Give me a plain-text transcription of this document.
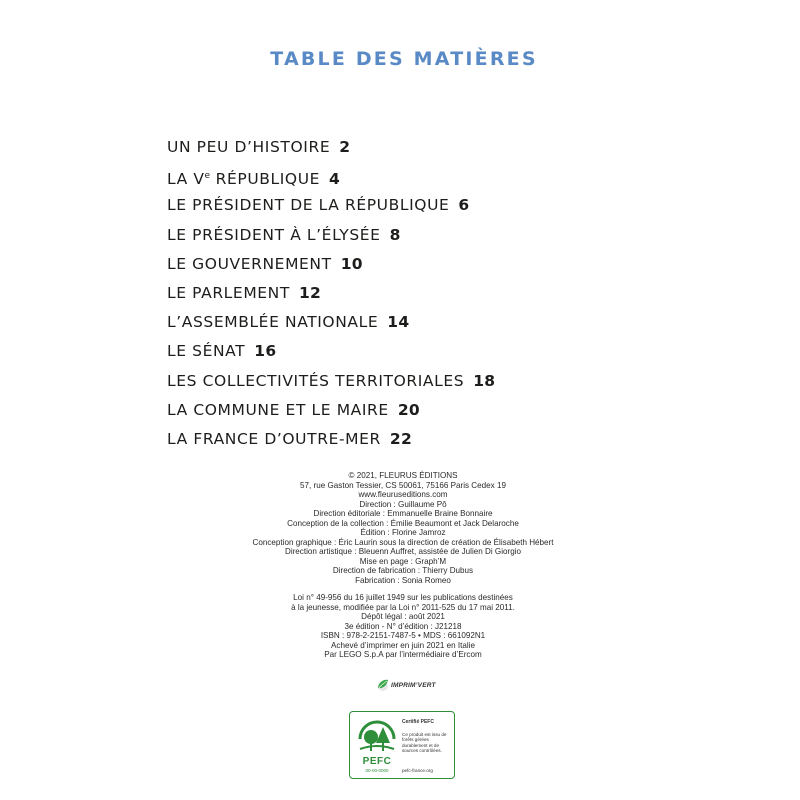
TABLE DES MATIÈRES
UN PEU D’HISTOIRE 2
LA Ve RÉPUBLIQUE 4
LE PRÉSIDENT DE LA RÉPUBLIQUE 6
LE PRÉSIDENT À L’ÉLYSÉE 8
LE GOUVERNEMENT 10
LE PARLEMENT 12
L’ASSEMBLÉE NATIONALE 14
LE SÉNAT 16
LES COLLECTIVITÉS TERRITORIALES 18
LA COMMUNE ET LE MAIRE 20
LA FRANCE D’OUTRE-MER 22
© 2021, FLEURUS ÉDITIONS
57, rue Gaston Tessier, CS 50061, 75166 Paris Cedex 19
www.fleuruseditions.com
Direction : Guillaume Pô
Direction éditoriale : Emmanuelle Braine Bonnaire
Conception de la collection : Émilie Beaumont et Jack Delaroche
Édition : Florine Jamroz
Conception graphique : Éric Laurin sous la direction de création de Élisabeth Hébert
Direction artistique : Bleuenn Auffret, assistée de Julien Di Giorgio
Mise en page : Graph’M
Direction de fabrication : Thierry Dubus
Fabrication : Sonia Romeo
Loi n° 49-956 du 16 juillet 1949 sur les publications destinées
à la jeunesse, modifiée par la Loi n° 2011-525 du 17 mai 2011.
Dépôt légal : août 2021
3e édition - N° d’édition : J21218
ISBN : 978-2-2151-7487-5 • MDS : 661092N1
Achevé d’imprimer en juin 2021 en Italie
Par LEGO S.p.A par l’intermédiaire d’Ercom
IMPRIM’VERT
PEFC
00-00-0000
Certifié PEFC
Ce produit est issu de forêts gérées durablement et de sources contrôlées.
pefc-france.org
